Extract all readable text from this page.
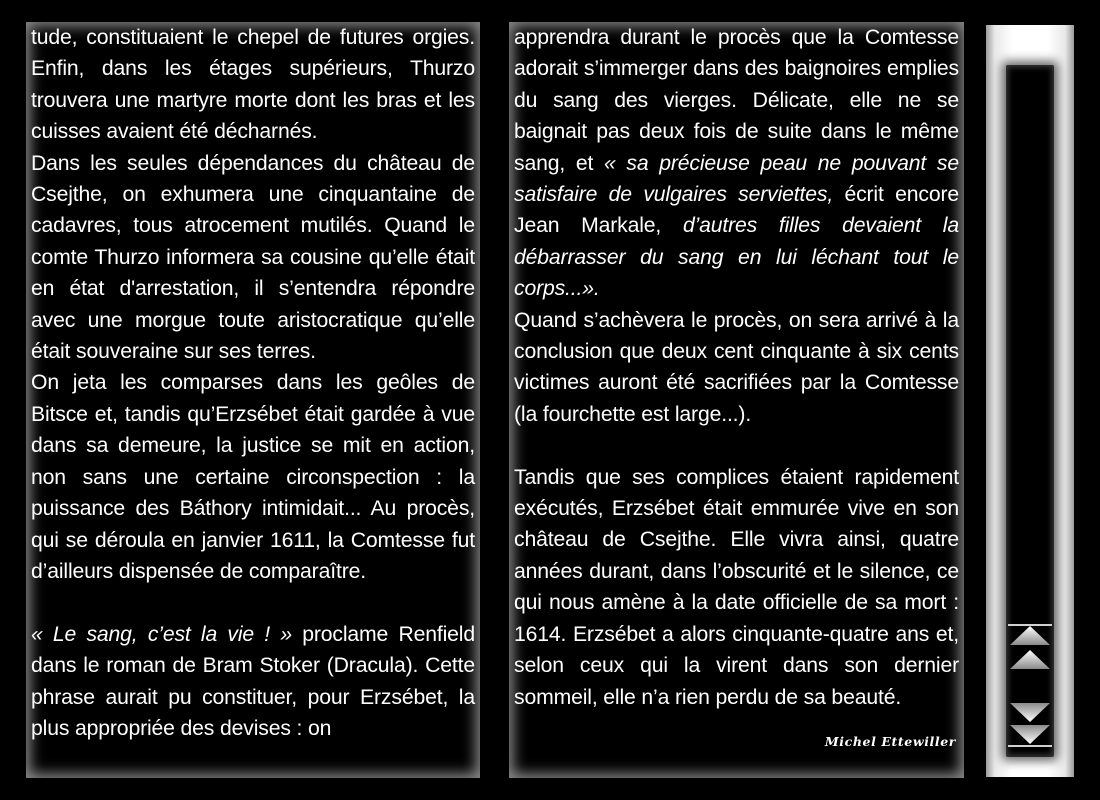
tude, constituaient le chepel de futures orgies. Enfin, dans les étages supérieurs, Thurzo trouvera une martyre morte dont les bras et les cuisses avaient été décharnés.

Dans les seules dépendances du château de Csejthe, on exhumera une cinquantaine de cadavres, tous atrocement mutilés. Quand le comte Thurzo informera sa cousine qu’elle était en état d'arrestation, il s’entendra répondre avec une morgue toute aristocratique qu’elle était souveraine sur ses terres.

On jeta les comparses dans les geôles de Bitsce et, tandis qu’Erzsébet était gardée à vue dans sa demeure, la justice se mit en action, non sans une certaine circonspection : la puissance des Báthory intimidait... Au procès, qui se déroula en janvier 1611, la Comtesse fut d’ailleurs dispensée de comparaître.

« Le sang, c’est la vie ! » proclame Renfield dans le roman de Bram Stoker (Dracula). Cette phrase aurait pu constituer, pour Erzsébet, la plus appropriée des devises : on

apprendra durant le procès que la Comtesse adorait s’immerger dans des baignoires emplies du sang des vierges. Délicate, elle ne se baignait pas deux fois de suite dans le même sang, et « sa précieuse peau ne pouvant se satisfaire de vulgaires serviettes, écrit encore Jean Markale, d’autres filles devaient la débarrasser du sang en lui léchant tout le corps...».

Quand s’achèvera le procès, on sera arrivé à la conclusion que deux cent cinquante à six cents victimes auront été sacrifiées par la Comtesse (la fourchette est large...).

Tandis que ses complices étaient rapidement exécutés, Erzsébet était emmurée vive en son château de Csejthe. Elle vivra ainsi, quatre années durant, dans l’obscurité et le silence, ce qui nous amène à la date officielle de sa mort : 1614. Erzsébet a alors cinquante-quatre ans et, selon ceux qui la virent dans son dernier sommeil, elle n’a rien perdu de sa beauté.

Michel Ettewiller
